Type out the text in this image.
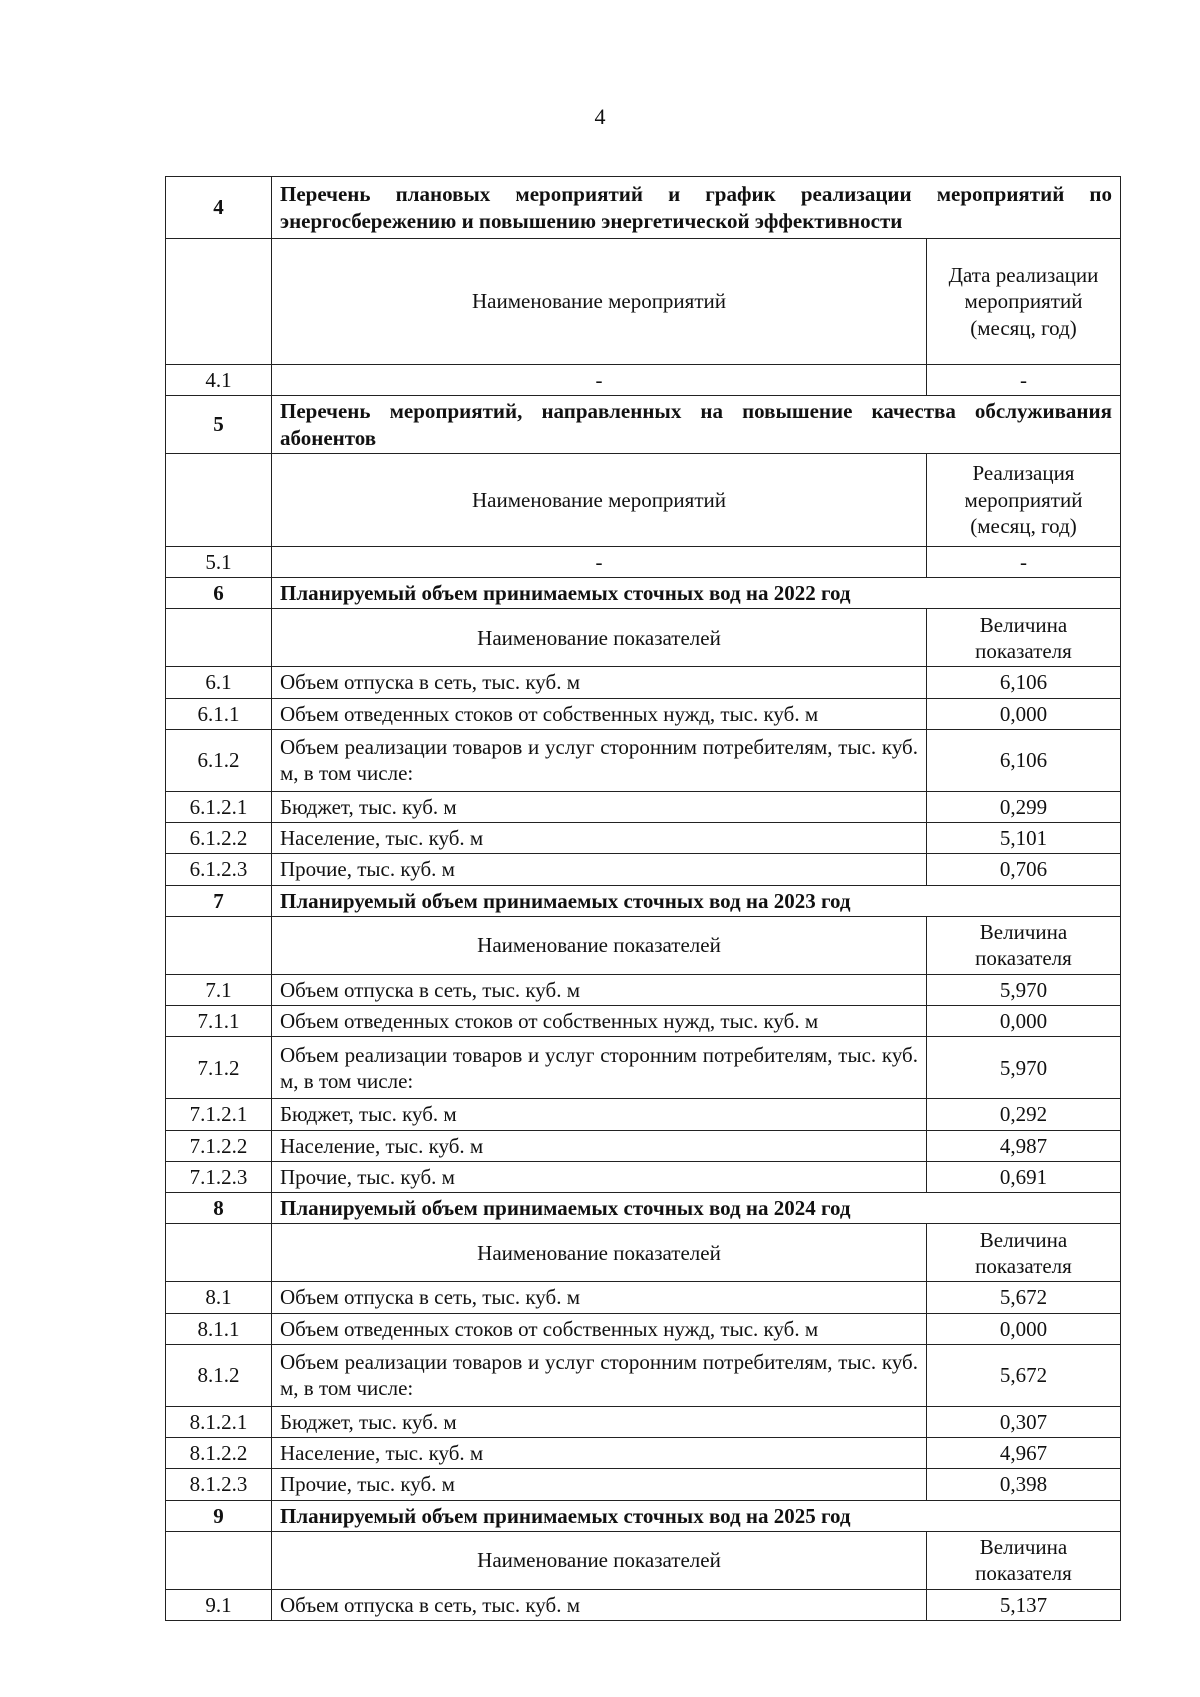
4
4	Перечень плановых мероприятий и график реализации мероприятий по энергосбережению и повышению энергетической эффективности	
	Наименование мероприятий	Дата реализации мероприятий (месяц, год)
4.1	-	-
5	Перечень мероприятий, направленных на повышение качества обслуживания абонентов	
	Наименование мероприятий	Реализация мероприятий (месяц, год)
5.1	-	-
6	Планируемый объем принимаемых сточных вод на 2022 год	
	Наименование показателей	Величина показателя
6.1	Объем отпуска в сеть, тыс. куб. м	6,106
6.1.1	Объем отведенных стоков от собственных нужд, тыс. куб. м	0,000
6.1.2	Объем реализации товаров и услуг сторонним потребителям, тыс. куб. м, в том числе:	6,106
6.1.2.1	Бюджет, тыс. куб. м	0,299
6.1.2.2	Население, тыс. куб. м	5,101
6.1.2.3	Прочие, тыс. куб. м	0,706
7	Планируемый объем принимаемых сточных вод на 2023 год	
	Наименование показателей	Величина показателя
7.1	Объем отпуска в сеть, тыс. куб. м	5,970
7.1.1	Объем отведенных стоков от собственных нужд, тыс. куб. м	0,000
7.1.2	Объем реализации товаров и услуг сторонним потребителям, тыс. куб. м, в том числе:	5,970
7.1.2.1	Бюджет, тыс. куб. м	0,292
7.1.2.2	Население, тыс. куб. м	4,987
7.1.2.3	Прочие, тыс. куб. м	0,691
8	Планируемый объем принимаемых сточных вод на 2024 год	
	Наименование показателей	Величина показателя
8.1	Объем отпуска в сеть, тыс. куб. м	5,672
8.1.1	Объем отведенных стоков от собственных нужд, тыс. куб. м	0,000
8.1.2	Объем реализации товаров и услуг сторонним потребителям, тыс. куб. м, в том числе:	5,672
8.1.2.1	Бюджет, тыс. куб. м	0,307
8.1.2.2	Население, тыс. куб. м	4,967
8.1.2.3	Прочие, тыс. куб. м	0,398
9	Планируемый объем принимаемых сточных вод на 2025 год	
	Наименование показателей	Величина показателя
9.1	Объем отпуска в сеть, тыс. куб. м	5,137
